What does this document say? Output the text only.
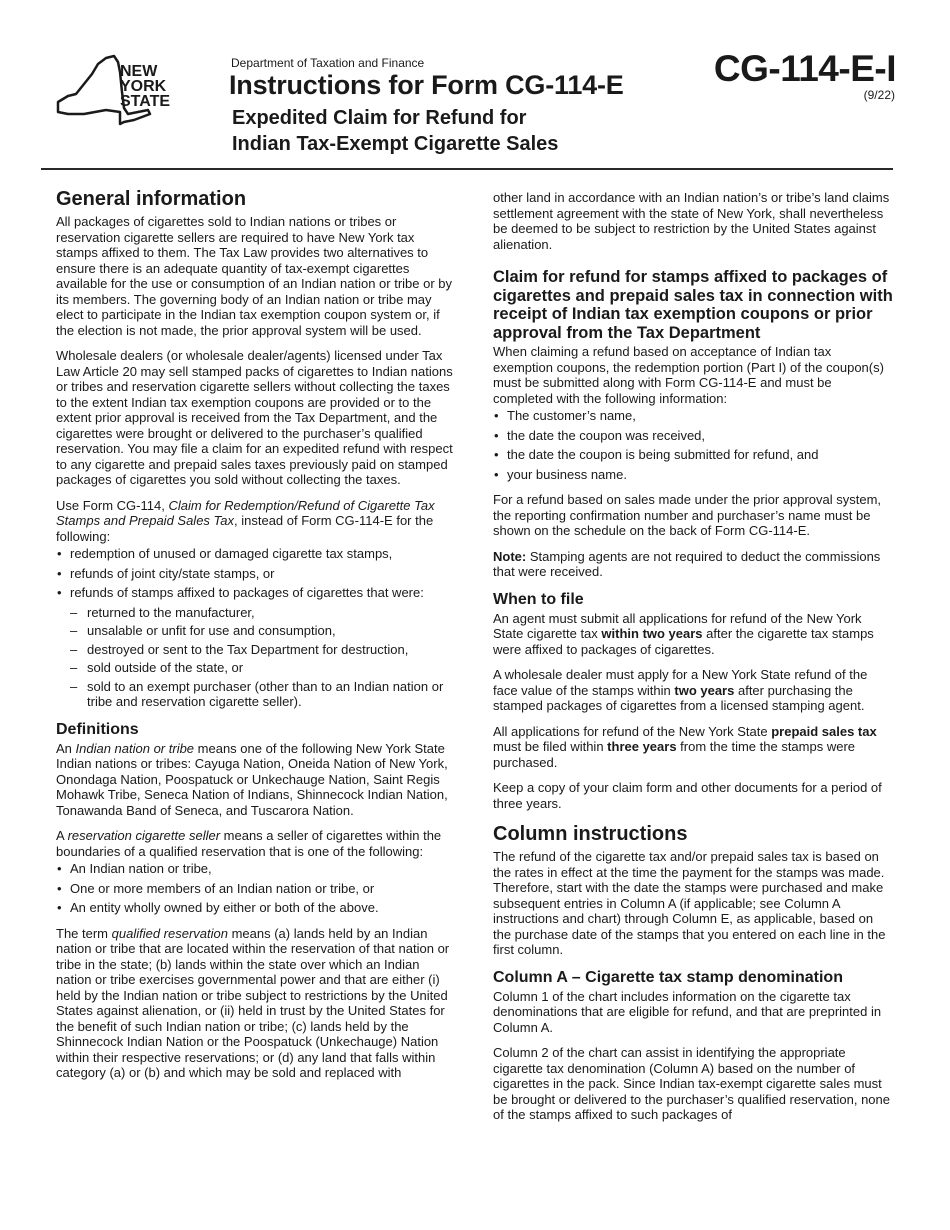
NEW
YORK
STATE
Department of Taxation and Finance
Instructions for Form CG-114-E
Expedited Claim for Refund for
Indian Tax-Exempt Cigarette Sales
CG-114-E-I
(9/22)
General information

All packages of cigarettes sold to Indian nations or tribes or reservation cigarette sellers are required to have New York tax stamps affixed to them. The Tax Law provides two alternatives to ensure there is an adequate quantity of tax-exempt cigarettes available for the use or consumption of an Indian nation or tribe or by its members. The governing body of an Indian nation or tribe may elect to participate in the Indian tax exemption coupon system or, if the election is not made, the prior approval system will be used.

Wholesale dealers (or wholesale dealer/agents) licensed under Tax Law Article 20 may sell stamped packs of cigarettes to Indian nations or tribes and reservation cigarette sellers without collecting the taxes to the extent Indian tax exemption coupons are provided or to the extent prior approval is received from the Tax Department, and the cigarettes were brought or delivered to the purchaser’s qualified reservation. You may file a claim for an expedited refund with respect to any cigarette and prepaid sales taxes previously paid on stamped packages of cigarettes you sold without collecting the taxes.

Use Form CG-114, Claim for Redemption/Refund of Cigarette Tax Stamps and Prepaid Sales Tax, instead of Form CG-114-E for the following:

• redemption of unused or damaged cigarette tax stamps,
• refunds of joint city/state stamps, or
• refunds of stamps affixed to packages of cigarettes that were:
– returned to the manufacturer,
– unsalable or unfit for use and consumption,
– destroyed or sent to the Tax Department for destruction,
– sold outside of the state, or
– sold to an exempt purchaser (other than to an Indian nation or tribe and reservation cigarette seller).
Definitions

An Indian nation or tribe means one of the following New York State Indian nations or tribes: Cayuga Nation, Oneida Nation of New York, Onondaga Nation, Poospatuck or Unkechauge Nation, Saint Regis Mohawk Tribe, Seneca Nation of Indians, Shinnecock Indian Nation, Tonawanda Band of Seneca, and Tuscarora Nation.

A reservation cigarette seller means a seller of cigarettes within the boundaries of a qualified reservation that is one of the following:

• An Indian nation or tribe,
• One or more members of an Indian nation or tribe, or
• An entity wholly owned by either or both of the above.

The term qualified reservation means (a) lands held by an Indian nation or tribe that are located within the reservation of that nation or tribe in the state; (b) lands within the state over which an Indian nation or tribe exercises governmental power and that are either (i) held by the Indian nation or tribe subject to restrictions by the United States against alienation, or (ii) held in trust by the United States for the benefit of such Indian nation or tribe; (c) lands held by the Shinnecock Indian Nation or the Poospatuck (Unkechauge) Nation within their respective reservations; or (d) any land that falls within category (a) or (b) and which may be sold and replaced with

other land in accordance with an Indian nation’s or tribe’s land claims settlement agreement with the state of New York, shall nevertheless be deemed to be subject to restriction by the United States against alienation.

Claim for refund for stamps affixed to packages of cigarettes and prepaid sales tax in connection with receipt of Indian tax exemption coupons or prior approval from the Tax Department

When claiming a refund based on acceptance of Indian tax exemption coupons, the redemption portion (Part I) of the coupon(s) must be submitted along with Form CG-114-E and must be completed with the following information:

• The customer’s name,
• the date the coupon was received,
• the date the coupon is being submitted for refund, and
• your business name.

For a refund based on sales made under the prior approval system, the reporting confirmation number and purchaser’s name must be shown on the schedule on the back of Form CG-114-E.

Note: Stamping agents are not required to deduct the commissions that were received.

When to file

An agent must submit all applications for refund of the New York State cigarette tax within two years after the cigarette tax stamps were affixed to packages of cigarettes.

A wholesale dealer must apply for a New York State refund of the face value of the stamps within two years after purchasing the stamped packages of cigarettes from a licensed stamping agent.

All applications for refund of the New York State prepaid sales tax must be filed within three years from the time the stamps were purchased.

Keep a copy of your claim form and other documents for a period of three years.

Column instructions

The refund of the cigarette tax and/or prepaid sales tax is based on the rates in effect at the time the payment for the stamps was made. Therefore, start with the date the stamps were purchased and make subsequent entries in Column A (if applicable; see Column A instructions and chart) through Column E, as applicable, based on the purchase date of the stamps that you entered on each line in the first column.

Column A – Cigarette tax stamp denomination

Column 1 of the chart includes information on the cigarette tax denominations that are eligible for refund, and that are preprinted in Column A.

Column 2 of the chart can assist in identifying the appropriate cigarette tax denomination (Column A) based on the number of cigarettes in the pack. Since Indian tax-exempt cigarette sales must be brought or delivered to the purchaser’s qualified reservation, none of the stamps affixed to such packages of
